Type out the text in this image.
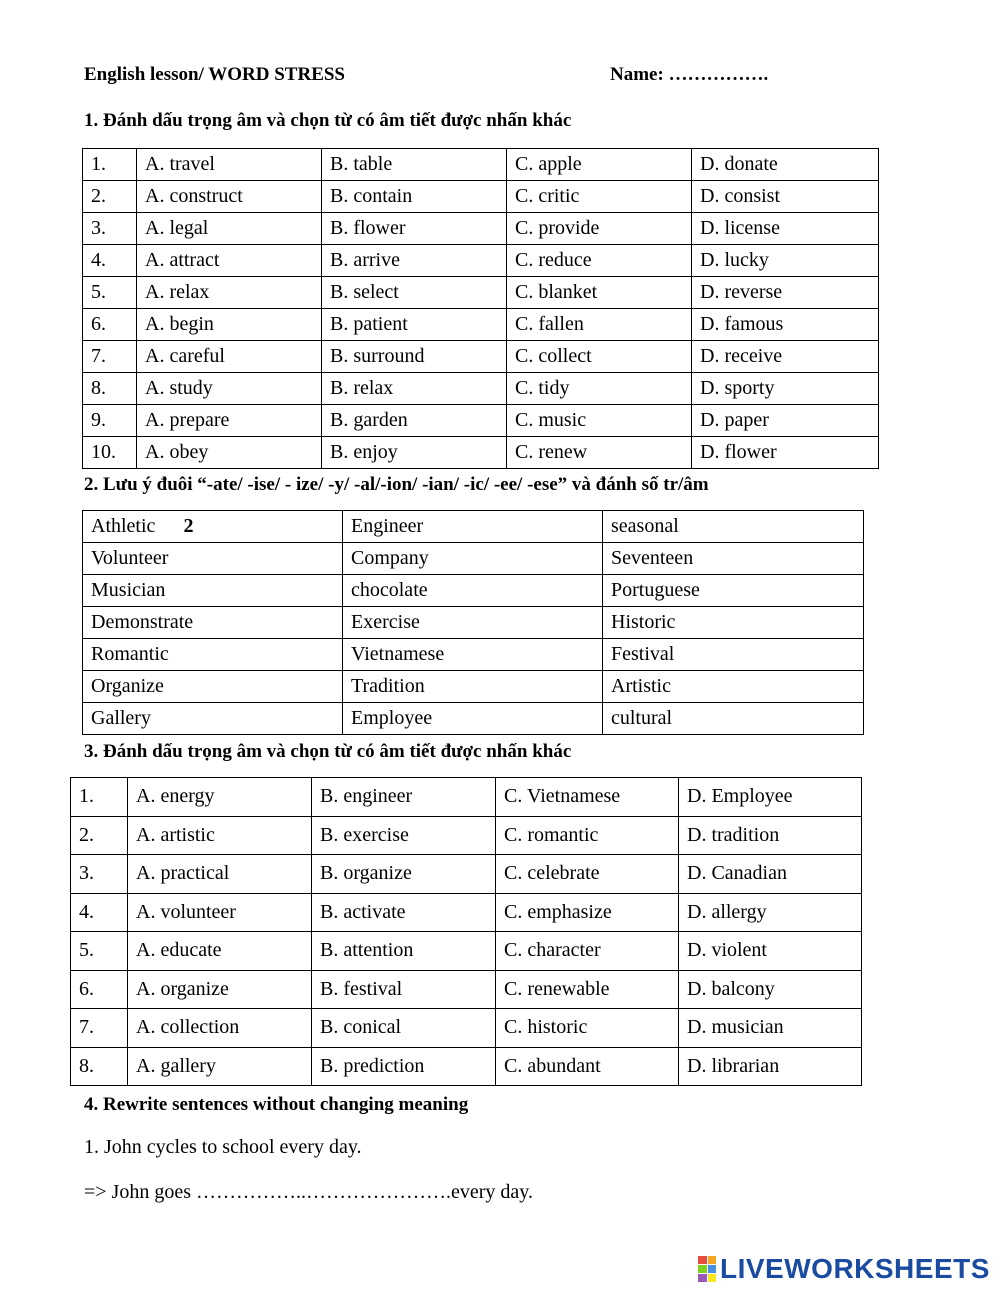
English lesson/ WORD STRESS	Name: …………….
1. Đánh dấu trọng âm và chọn từ có âm tiết được nhấn khác
1.	A. travel	B. table	C. apple	D. donate
2.	A. construct	B. contain	C. critic	D. consist
3.	A. legal	B. flower	C. provide	D. license
4.	A. attract	B. arrive	C. reduce	D. lucky
5.	A. relax	B. select	C. blanket	D. reverse
6.	A. begin	B. patient	C. fallen	D. famous
7.	A. careful	B. surround	C. collect	D. receive
8.	A. study	B. relax	C. tidy	D. sporty
9.	A. prepare	B. garden	C. music	D. paper
10.	A. obey	B. enjoy	C. renew	D. flower
2. Lưu ý đuôi “-ate/ -ise/ - ize/ -y/ -al/-ion/ -ian/ -ic/ -ee/ -ese” và đánh số tr/âm
Athletic 2	Engineer	seasonal
Volunteer	Company	Seventeen
Musician	chocolate	Portuguese
Demonstrate	Exercise	Historic
Romantic	Vietnamese	Festival
Organize	Tradition	Artistic
Gallery	Employee	cultural
3. Đánh dấu trọng âm và chọn từ có âm tiết được nhấn khác
1.	A. energy	B. engineer	C. Vietnamese	D. Employee
2.	A. artistic	B. exercise	C. romantic	D. tradition
3.	A. practical	B. organize	C. celebrate	D. Canadian
4.	A. volunteer	B. activate	C. emphasize	D. allergy
5.	A. educate	B. attention	C. character	D. violent
6.	A. organize	B. festival	C. renewable	D. balcony
7.	A. collection	B. conical	C. historic	D. musician
8.	A. gallery	B. prediction	C. abundant	D. librarian
4. Rewrite sentences without changing meaning
1. John cycles to school every day.
=> John goes ……………..………………….every day.
LIVEWORKSHEETS
